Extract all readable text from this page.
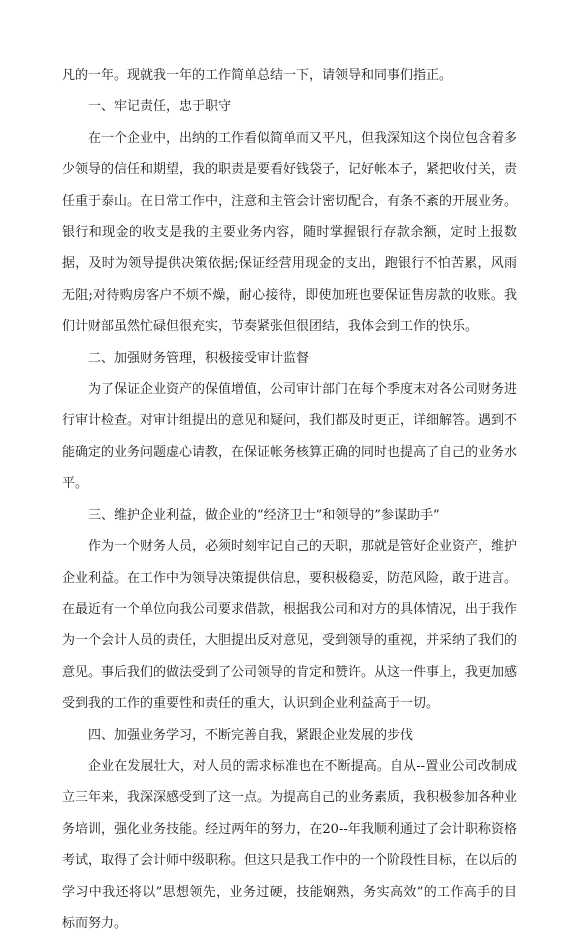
凡的一年。现就我一年的工作简单总结一下，请领导和同事们指正。

一、牢记责任，忠于职守

在一个企业中，出纳的工作看似简单而又平凡，但我深知这个岗位包含着多少领导的信任和期望，我的职责是要看好钱袋子，记好帐本子，紧把收付关，责任重于泰山。在日常工作中，注意和主管会计密切配合，有条不紊的开展业务。银行和现金的收支是我的主要业务内容，随时掌握银行存款余额，定时上报数据，及时为领导提供决策依据;保证经营用现金的支出，跑银行不怕苦累，风雨无阻;对待购房客户不烦不燥，耐心接待，即使加班也要保证售房款的收账。我们计财部虽然忙碌但很充实，节奏紧张但很团结，我体会到工作的快乐。

二、加强财务管理，积极接受审计监督

为了保证企业资产的保值增值，公司审计部门在每个季度末对各公司财务进行审计检查。对审计组提出的意见和疑问，我们都及时更正，详细解答。遇到不能确定的业务问题虚心请教，在保证帐务核算正确的同时也提高了自己的业务水平。

三、维护企业利益，做企业的”经济卫士”和领导的”参谋助手”

作为一个财务人员，必须时刻牢记自己的天职，那就是管好企业资产，维护企业利益。在工作中为领导决策提供信息，要积极稳妥，防范风险，敢于进言。在最近有一个单位向我公司要求借款，根据我公司和对方的具体情况，出于我作为一个会计人员的责任，大胆提出反对意见，受到领导的重视，并采纳了我们的意见。事后我们的做法受到了公司领导的肯定和赞许。从这一件事上，我更加感受到我的工作的重要性和责任的重大，认识到企业利益高于一切。

四、加强业务学习，不断完善自我，紧跟企业发展的步伐

企业在发展壮大，对人员的需求标准也在不断提高。自从--置业公司改制成立三年来，我深深感受到了这一点。为提高自己的业务素质，我积极参加各种业务培训，强化业务技能。经过两年的努力，在20--年我顺利通过了会计职称资格考试，取得了会计师中级职称。但这只是我工作中的一个阶段性目标，在以后的学习中我还将以”思想领先，业务过硬，技能娴熟，务实高效”的工作高手的目标而努力。
